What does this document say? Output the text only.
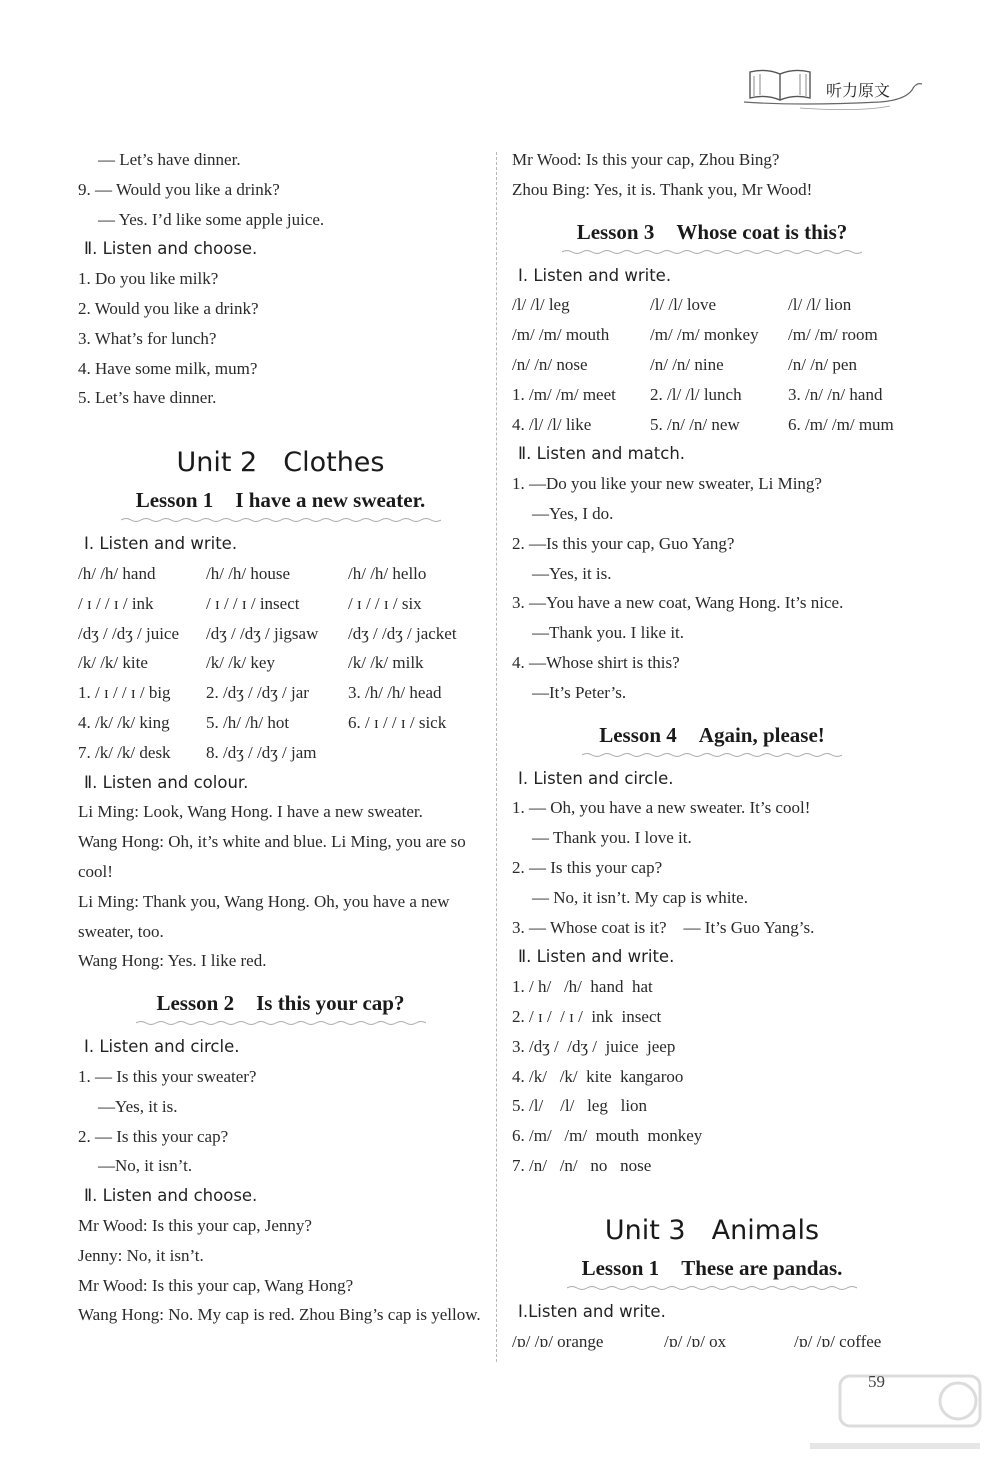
听力原文
— Let’s have dinner.
9. — Would you like a drink?
— Yes. I’d like some apple juice.
Ⅱ. Listen and choose.
1. Do you like milk?
2. Would you like a drink?
3. What’s for lunch?
4. Have some milk, mum?
5. Let’s have dinner.
Unit 2 Clothes
Lesson 1 I have a new sweater.
Ⅰ. Listen and write.
/h/ /h/ hand	/h/ /h/ house	/h/ /h/ hello
/ ɪ / / ɪ / ink	/ ɪ / / ɪ / insect	/ ɪ / / ɪ / six
/dʒ / /dʒ / juice	/dʒ / /dʒ / jigsaw	/dʒ / /dʒ / jacket
/k/ /k/ kite	/k/ /k/ key	/k/ /k/ milk
1. / ɪ / / ɪ / big	2. /dʒ / /dʒ / jar	3. /h/ /h/ head
4. /k/ /k/ king	5. /h/ /h/ hot	6. / ɪ / / ɪ / sick
7. /k/ /k/ desk	8. /dʒ / /dʒ / jam
Ⅱ. Listen and colour.
Li Ming: Look, Wang Hong. I have a new sweater.
Wang Hong: Oh, it’s white and blue. Li Ming, you are so cool!
Li Ming: Thank you, Wang Hong. Oh, you have a new sweater, too.
Wang Hong: Yes. I like red.
Lesson 2 Is this your cap?
Ⅰ. Listen and circle.
1. — Is this your sweater?
—Yes, it is.
2. — Is this your cap?
—No, it isn’t.
Ⅱ. Listen and choose.
Mr Wood: Is this your cap, Jenny?
Jenny: No, it isn’t.
Mr Wood: Is this your cap, Wang Hong?
Wang Hong: No. My cap is red. Zhou Bing’s cap is yellow.
Mr Wood: Is this your cap, Zhou Bing?
Zhou Bing: Yes, it is. Thank you, Mr Wood!
Lesson 3 Whose coat is this?
Ⅰ. Listen and write.
/l/ /l/ leg	/l/ /l/ love	/l/ /l/ lion
/m/ /m/ mouth	/m/ /m/ monkey	/m/ /m/ room
/n/ /n/ nose	/n/ /n/ nine	/n/ /n/ pen
1. /m/ /m/ meet	2. /l/ /l/ lunch	3. /n/ /n/ hand
4. /l/ /l/ like	5. /n/ /n/ new	6. /m/ /m/ mum
Ⅱ. Listen and match.
1. —Do you like your new sweater, Li Ming?
—Yes, I do.
2. —Is this your cap, Guo Yang?
—Yes, it is.
3. —You have a new coat, Wang Hong. It’s nice.
—Thank you. I like it.
4. —Whose shirt is this?
—It’s Peter’s.
Lesson 4 Again, please!
Ⅰ. Listen and circle.
1. — Oh, you have a new sweater. It’s cool!
— Thank you. I love it.
2. — Is this your cap?
— No, it isn’t. My cap is white.
3. — Whose coat is it?    — It’s Guo Yang’s.
Ⅱ. Listen and write.
1. / h/   /h/  hand  hat
2. / ɪ /  / ɪ /  ink  insect
3. /dʒ /  /dʒ /  juice  jeep
4. /k/   /k/  kite  kangaroo
5. /l/    /l/   leg   lion
6. /m/   /m/  mouth  monkey
7. /n/   /n/   no   nose
Unit 3 Animals
Lesson 1 These are pandas.
Ⅰ.Listen and write.
/ɒ/ /ɒ/ orange	/ɒ/ /ɒ/ ox	/ɒ/ /ɒ/ coffee
59
